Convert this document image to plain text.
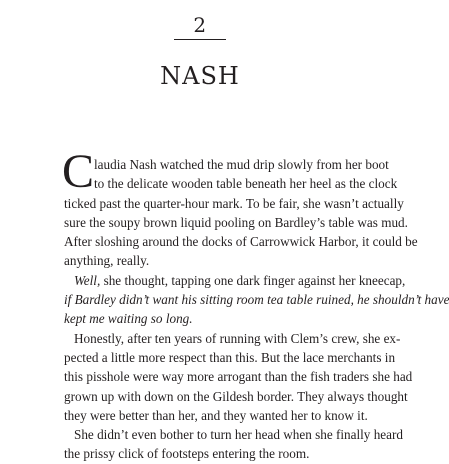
2
NASH
C laudia Nash watched the mud drip slowly from her boot
to the delicate wooden table beneath her heel as the clock
ticked past the quarter-hour mark. To be fair, she wasn’t actually
sure the soupy brown liquid pooling on Bardley’s table was mud.
After sloshing around the docks of Carrowwick Harbor, it could be
anything, really.
Well, she thought, tapping one dark finger against her kneecap,
if Bardley didn’t want his sitting room tea table ruined, he shouldn’t have
kept me waiting so long.
Honestly, after ten years of running with Clem’s crew, she ex-
pected a little more respect than this. But the lace merchants in
this pisshole were way more arrogant than the fish traders she had
grown up with down on the Gildesh border. They always thought
they were better than her, and they wanted her to know it.
She didn’t even bother to turn her head when she finally heard
the prissy click of footsteps entering the room.
